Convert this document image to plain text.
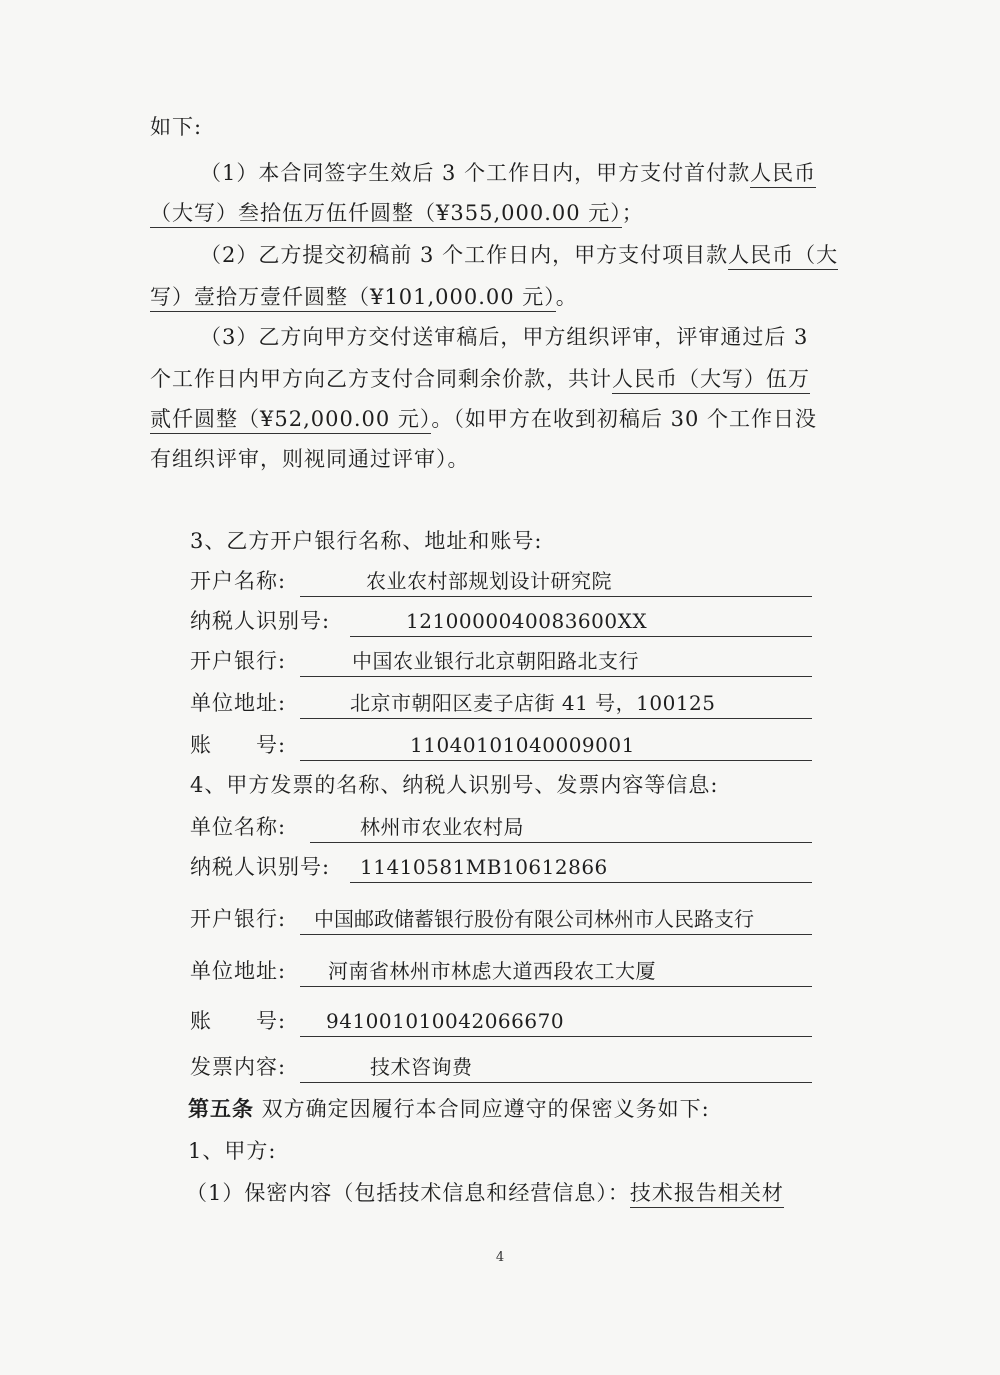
如下:
（1）本合同签字生效后 3 个工作日内，甲方支付首付款人民币
（大写）叁拾伍万伍仟圆整（¥355,000.00 元）；
（2）乙方提交初稿前 3 个工作日内，甲方支付项目款人民币（大
写）壹拾万壹仟圆整（¥101,000.00 元）。
（3）乙方向甲方交付送审稿后，甲方组织评审，评审通过后 3
个工作日内甲方向乙方支付合同剩余价款，共计人民币（大写）伍万
贰仟圆整（¥52,000.00 元）。（如甲方在收到初稿后 30 个工作日没
有组织评审，则视同通过评审）。
3、乙方开户银行名称、地址和账号:
开户名称:	农业农村部规划设计研究院
纳税人识别号:	1210000040083600XX
开户银行:	中国农业银行北京朝阳路北支行
单位地址:	北京市朝阳区麦子店街 41 号，100125
账　　号:	11040101040009001
4、甲方发票的名称、纳税人识别号、发票内容等信息:
单位名称:	林州市农业农村局
纳税人识别号:	11410581MB10612866
开户银行:	中国邮政储蓄银行股份有限公司林州市人民路支行
单位地址:	河南省林州市林虑大道西段农工大厦
账　　号:	941001010042066670
发票内容:	技术咨询费
第五条 双方确定因履行本合同应遵守的保密义务如下:
1、甲方:
（1）保密内容（包括技术信息和经营信息）：技术报告相关材
4
